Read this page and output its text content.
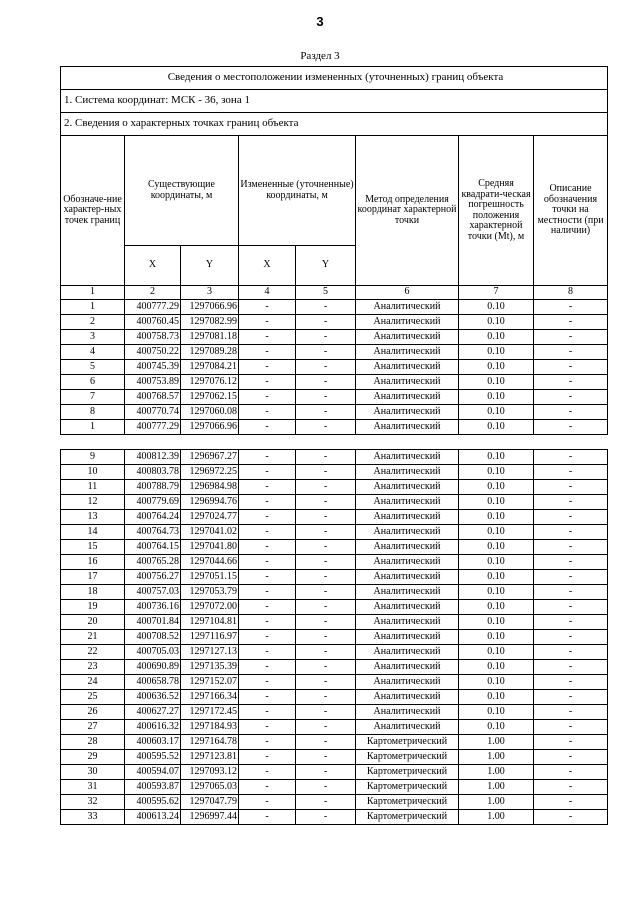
3
Раздел 3
Сведения о местоположении измененных (уточненных) границ объекта							
1. Система координат: МСК - 36, зона 1							
2. Сведения о характерных точках границ объекта							
Обозначе-ние характер-ных точек границ	Существующие координаты, м		Измененные (уточненные) координаты, м		Метод определения координат характерной точки	Средняя квадрати-ческая погрешность положения характерной точки (Mt), м	Описание обозначения точки на местности (при наличии)
	X	Y	X	Y			
1	2	3	4	5	6	7	8
1	400777.29	1297066.96	-	-	Аналитический	0.10	-
2	400760.45	1297082.99	-	-	Аналитический	0.10	-
3	400758.73	1297081.18	-	-	Аналитический	0.10	-
4	400750.22	1297089.28	-	-	Аналитический	0.10	-
5	400745.39	1297084.21	-	-	Аналитический	0.10	-
6	400753.89	1297076.12	-	-	Аналитический	0.10	-
7	400768.57	1297062.15	-	-	Аналитический	0.10	-
8	400770.74	1297060.08	-	-	Аналитический	0.10	-
1	400777.29	1297066.96	-	-	Аналитический	0.10	-

9	400812.39	1296967.27	-	-	Аналитический	0.10	-
10	400803.78	1296972.25	-	-	Аналитический	0.10	-
11	400788.79	1296984.98	-	-	Аналитический	0.10	-
12	400779.69	1296994.76	-	-	Аналитический	0.10	-
13	400764.24	1297024.77	-	-	Аналитический	0.10	-
14	400764.73	1297041.02	-	-	Аналитический	0.10	-
15	400764.15	1297041.80	-	-	Аналитический	0.10	-
16	400765.28	1297044.66	-	-	Аналитический	0.10	-
17	400756.27	1297051.15	-	-	Аналитический	0.10	-
18	400757.03	1297053.79	-	-	Аналитический	0.10	-
19	400736.16	1297072.00	-	-	Аналитический	0.10	-
20	400701.84	1297104.81	-	-	Аналитический	0.10	-
21	400708.52	1297116.97	-	-	Аналитический	0.10	-
22	400705.03	1297127.13	-	-	Аналитический	0.10	-
23	400690.89	1297135.39	-	-	Аналитический	0.10	-
24	400658.78	1297152.07	-	-	Аналитический	0.10	-
25	400636.52	1297166.34	-	-	Аналитический	0.10	-
26	400627.27	1297172.45	-	-	Аналитический	0.10	-
27	400616.32	1297184.93	-	-	Аналитический	0.10	-
28	400603.17	1297164.78	-	-	Картометрический	1.00	-
29	400595.52	1297123.81	-	-	Картометрический	1.00	-
30	400594.07	1297093.12	-	-	Картометрический	1.00	-
31	400593.87	1297065.03	-	-	Картометрический	1.00	-
32	400595.62	1297047.79	-	-	Картометрический	1.00	-
33	400613.24	1296997.44	-	-	Картометрический	1.00	-
